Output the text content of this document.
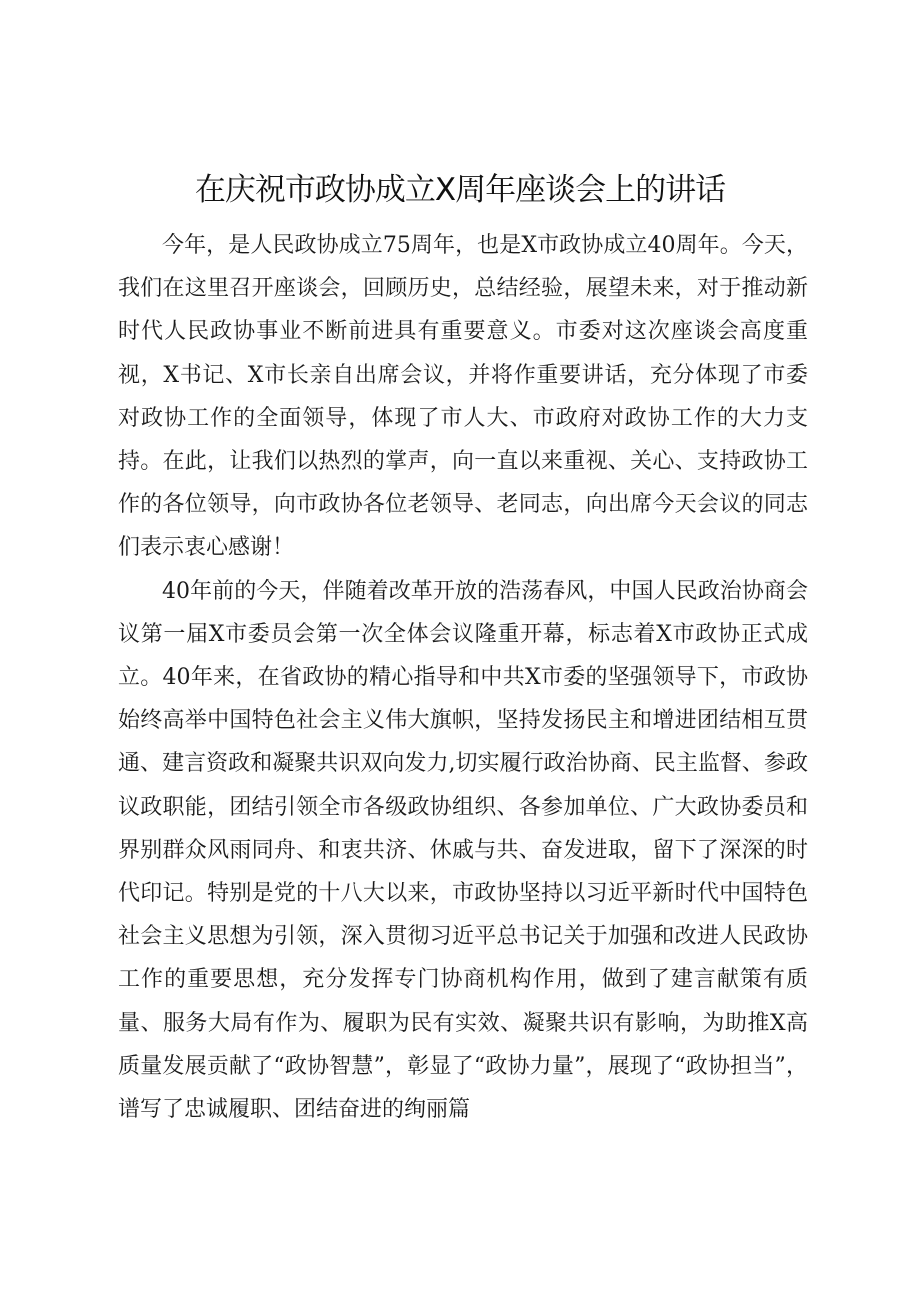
在庆祝市政协成立X周年座谈会上的讲话

今年，是人民政协成立75周年，也是X市政协成立40周年。今天，我们在这里召开座谈会，回顾历史，总结经验，展望未来，对于推动新时代人民政协事业不断前进具有重要意义。市委对这次座谈会高度重视，X书记、X市长亲自出席会议，并将作重要讲话，充分体现了市委对政协工作的全面领导，体现了市人大、市政府对政协工作的大力支持。在此，让我们以热烈的掌声，向一直以来重视、关心、支持政协工作的各位领导，向市政协各位老领导、老同志，向出席今天会议的同志们表示衷心感谢！

40年前的今天，伴随着改革开放的浩荡春风，中国人民政治协商会议第一届X市委员会第一次全体会议隆重开幕，标志着X市政协正式成立。40年来，在省政协的精心指导和中共X市委的坚强领导下，市政协始终高举中国特色社会主义伟大旗帜，坚持发扬民主和增进团结相互贯通、建言资政和凝聚共识双向发力,切实履行政治协商、民主监督、参政议政职能，团结引领全市各级政协组织、各参加单位、广大政协委员和界别群众风雨同舟、和衷共济、休戚与共、奋发进取，留下了深深的时代印记。特别是党的十八大以来，市政协坚持以习近平新时代中国特色社会主义思想为引领，深入贯彻习近平总书记关于加强和改进人民政协工作的重要思想，充分发挥专门协商机构作用，做到了建言献策有质量、服务大局有作为、履职为民有实效、凝聚共识有影响，为助推X高质量发展贡献了“政协智慧”，彰显了“政协力量”，展现了“政协担当”，谱写了忠诚履职、团结奋进的绚丽篇
